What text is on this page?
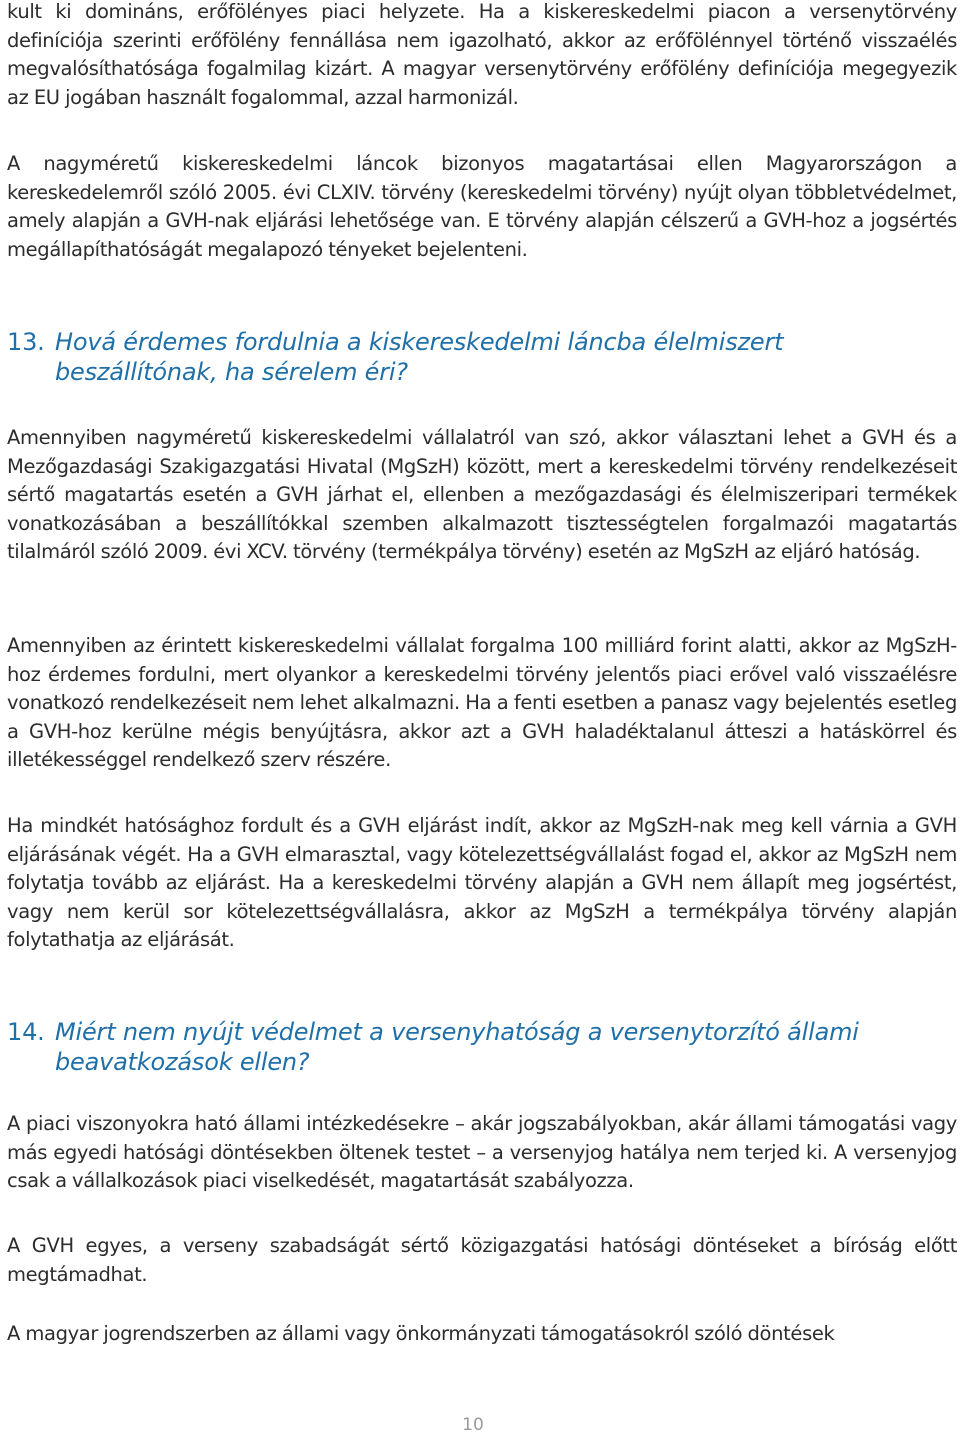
kult ki domináns, erőfölényes piaci helyzete. Ha a kiskereskedelmi piacon a versenytörvény definíciója szerinti erőfölény fennállása nem igazolható, akkor az erőfölénnyel történő visszaélés megvalósíthatósága fogalmilag kizárt. A magyar versenytörvény erőfölény definíciója megegyezik az EU jogában használt fogalommal, azzal harmonizál.

A nagyméretű kiskereskedelmi láncok bizonyos magatartásai ellen Magyarországon a kereskedelemről szóló 2005. évi CLXIV. törvény (kereskedelmi törvény) nyújt olyan többletvédelmet, amely alapján a GVH-nak eljárási lehetősége van. E törvény alapján célszerű a GVH-hoz a jogsértés megállapíthatóságát megalapozó tényeket bejelenteni.

13. Hová érdemes fordulnia a kiskereskedelmi láncba élelmiszert
beszállítónak, ha sérelem éri?

Amennyiben nagyméretű kiskereskedelmi vállalatról van szó, akkor választani lehet a GVH és a Mezőgazdasági Szakigazgatási Hivatal (MgSzH) között, mert a kereskedelmi törvény rendelkezéseit sértő magatartás esetén a GVH járhat el, ellenben a mezőgazdasági és élelmiszeripari termékek vonatkozásában a beszállítókkal szemben alkalmazott tisztességtelen forgalmazói magatartás tilalmáról szóló 2009. évi XCV. törvény (termékpálya törvény) esetén az MgSzH az eljáró hatóság.

Amennyiben az érintett kiskereskedelmi vállalat forgalma 100 milliárd forint alatti, akkor az MgSzH-hoz érdemes fordulni, mert olyankor a kereskedelmi törvény jelentős piaci erővel való visszaélésre vonatkozó rendelkezéseit nem lehet alkalmazni. Ha a fenti esetben a panasz vagy bejelentés esetleg a GVH-hoz kerülne mégis benyújtásra, akkor azt a GVH haladéktalanul átteszi a hatáskörrel és illetékességgel rendelkező szerv részére.

Ha mindkét hatósághoz fordult és a GVH eljárást indít, akkor az MgSzH-nak meg kell várnia a GVH eljárásának végét. Ha a GVH elmarasztal, vagy kötelezettségvállalást fogad el, akkor az MgSzH nem folytatja tovább az eljárást. Ha a kereskedelmi törvény alapján a GVH nem állapít meg jogsértést, vagy nem kerül sor kötelezettségvállalásra, akkor az MgSzH a termékpálya törvény alapján folytathatja az eljárását.

14. Miért nem nyújt védelmet a versenyhatóság a versenytorzító állami
beavatkozások ellen?

A piaci viszonyokra ható állami intézkedésekre – akár jogszabályokban, akár állami támogatási vagy más egyedi hatósági döntésekben öltenek testet – a versenyjog hatálya nem terjed ki. A versenyjog csak a vállalkozások piaci viselkedését, magatartását szabályozza.

A GVH egyes, a verseny szabadságát sértő közigazgatási hatósági döntéseket a bíróság előtt megtámadhat.

A magyar jogrendszerben az állami vagy önkormányzati támogatásokról szóló döntések

10
